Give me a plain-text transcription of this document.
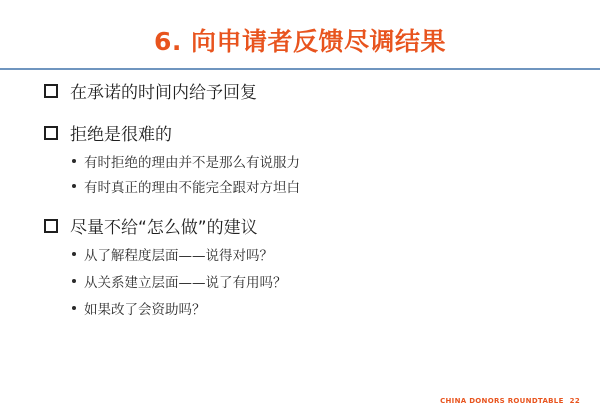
6. 向申请者反馈尽调结果
在承诺的时间内给予回复
拒绝是很难的
有时拒绝的理由并不是那么有说服力
有时真正的理由不能完全跟对方坦白
尽量不给“怎么做”的建议
从了解程度层面——说得对吗？
从关系建立层面——说了有用吗？
如果改了会资助吗？
CHINA DONORS ROUNDTABLE 22
